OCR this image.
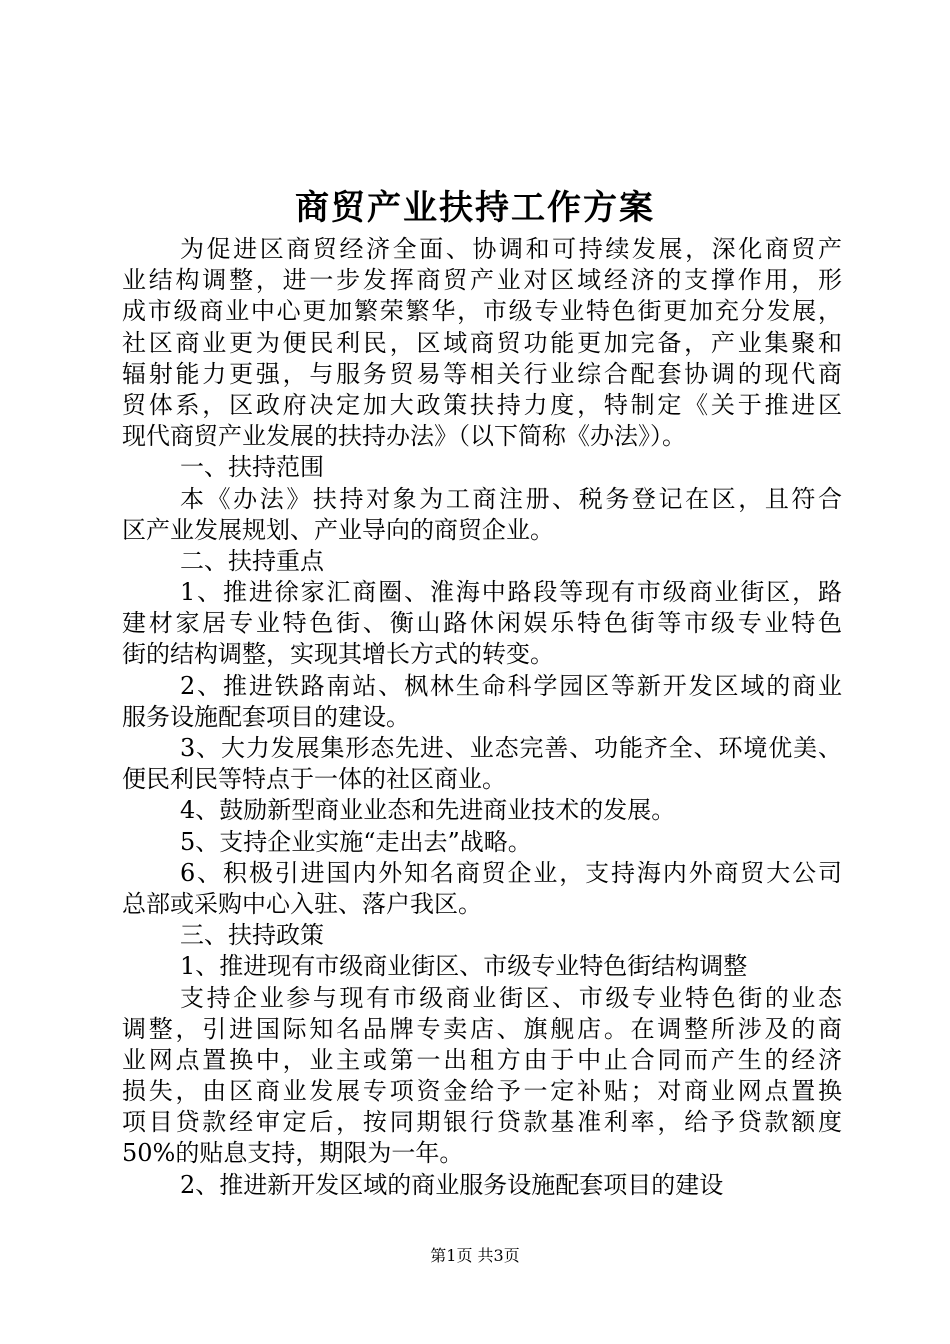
商贸产业扶持工作方案
为促进区商贸经济全面、协调和可持续发展，深化商贸产
业结构调整，进一步发挥商贸产业对区域经济的支撑作用，形
成市级商业中心更加繁荣繁华，市级专业特色街更加充分发展，
社区商业更为便民利民，区域商贸功能更加完备，产业集聚和
辐射能力更强，与服务贸易等相关行业综合配套协调的现代商
贸体系，区政府决定加大政策扶持力度，特制定《关于推进区
现代商贸产业发展的扶持办法》（以下简称《办法》）。
一、扶持范围
本《办法》扶持对象为工商注册、税务登记在区，且符合
区产业发展规划、产业导向的商贸企业。
二、扶持重点
1、推进徐家汇商圈、淮海中路段等现有市级商业街区，路
建材家居专业特色街、衡山路休闲娱乐特色街等市级专业特色
街的结构调整，实现其增长方式的转变。
2、推进铁路南站、枫林生命科学园区等新开发区域的商业
服务设施配套项目的建设。
3、大力发展集形态先进、业态完善、功能齐全、环境优美、
便民利民等特点于一体的社区商业。
4、鼓励新型商业业态和先进商业技术的发展。
5、支持企业实施“走出去”战略。
6、积极引进国内外知名商贸企业，支持海内外商贸大公司
总部或采购中心入驻、落户我区。
三、扶持政策
1、推进现有市级商业街区、市级专业特色街结构调整
支持企业参与现有市级商业街区、市级专业特色街的业态
调整，引进国际知名品牌专卖店、旗舰店。在调整所涉及的商
业网点置换中，业主或第一出租方由于中止合同而产生的经济
损失，由区商业发展专项资金给予一定补贴；对商业网点置换
项目贷款经审定后，按同期银行贷款基准利率，给予贷款额度
50%的贴息支持，期限为一年。
2、推进新开发区域的商业服务设施配套项目的建设
第1页 共3页
